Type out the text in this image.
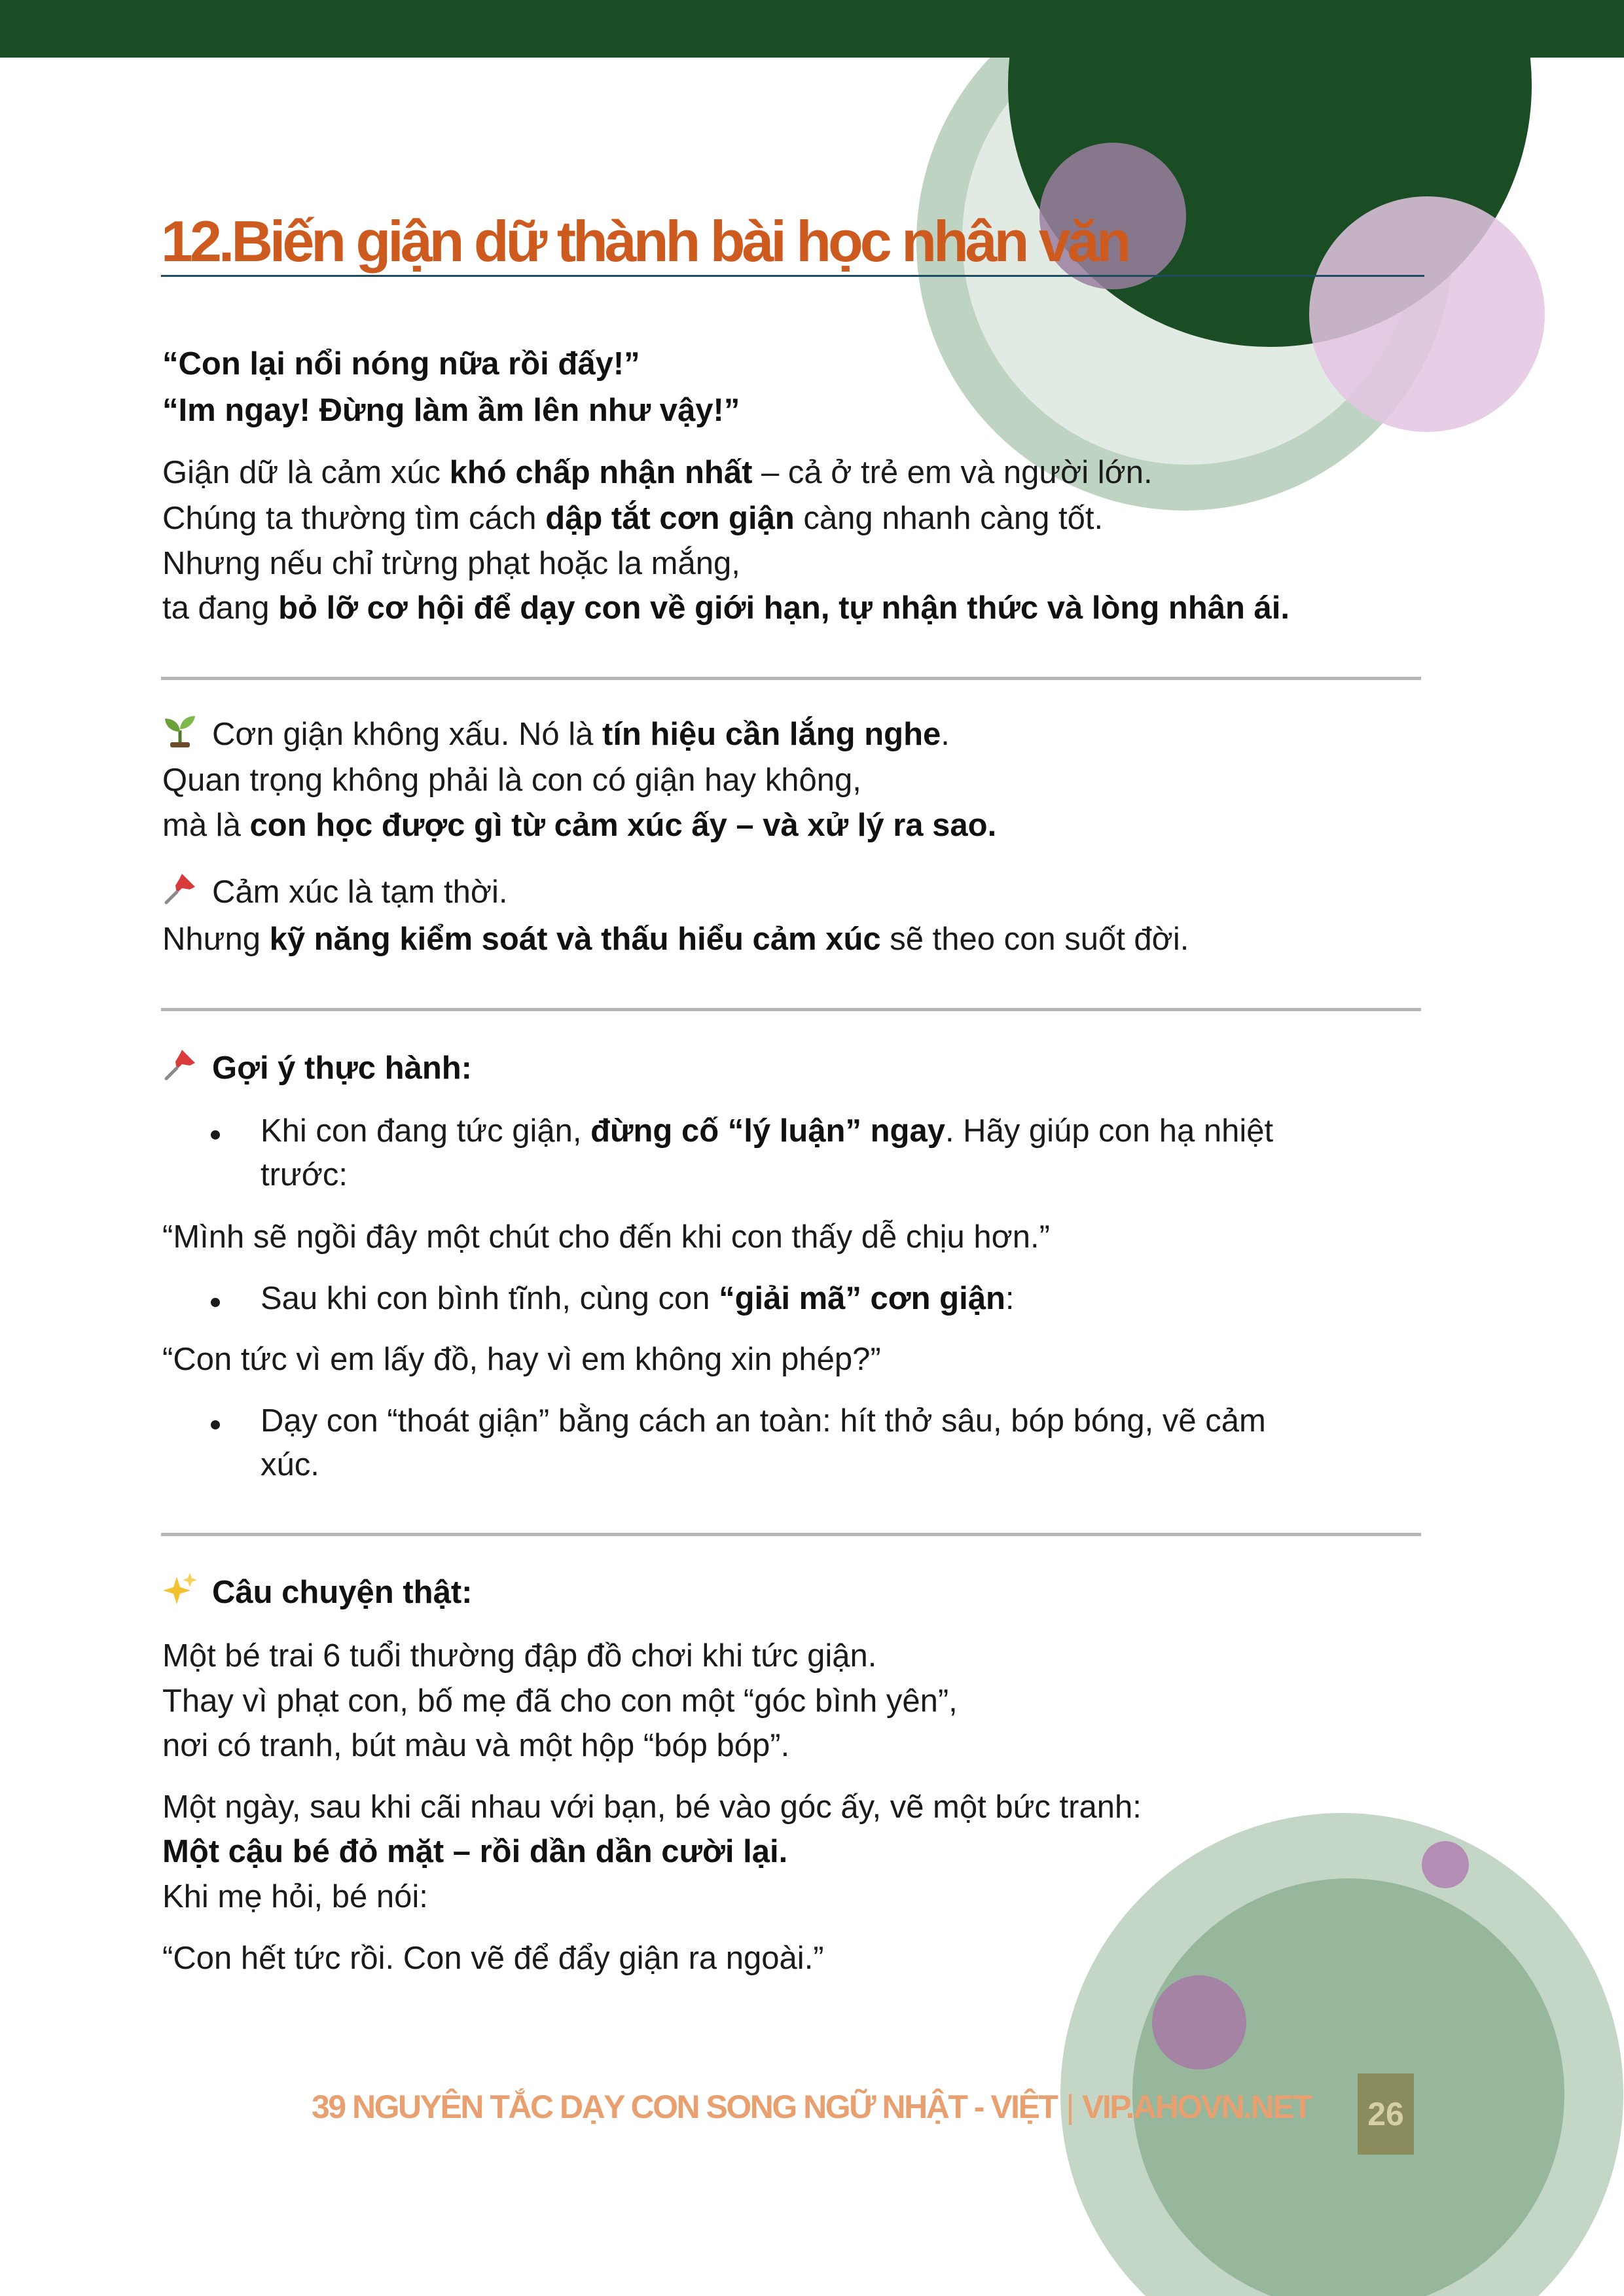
12.Biến giận dữ thành bài học nhân văn

“Con lại nổi nóng nữa rồi đấy!”

“Im ngay! Đừng làm ầm lên như vậy!”

Giận dữ là cảm xúc khó chấp nhận nhất – cả ở trẻ em và người lớn.

Chúng ta thường tìm cách dập tắt cơn giận càng nhanh càng tốt.

Nhưng nếu chỉ trừng phạt hoặc la mắng,

ta đang bỏ lỡ cơ hội để dạy con về giới hạn, tự nhận thức và lòng nhân ái.

Cơn giận không xấu. Nó là tín hiệu cần lắng nghe.

Quan trọng không phải là con có giận hay không,

mà là con học được gì từ cảm xúc ấy – và xử lý ra sao.

Cảm xúc là tạm thời.

Nhưng kỹ năng kiểm soát và thấu hiểu cảm xúc sẽ theo con suốt đời.

Gợi ý thực hành:

Khi con đang tức giận, đừng cố “lý luận” ngay. Hãy giúp con hạ nhiệt

trước:

“Mình sẽ ngồi đây một chút cho đến khi con thấy dễ chịu hơn.”

Sau khi con bình tĩnh, cùng con “giải mã” cơn giận:

“Con tức vì em lấy đồ, hay vì em không xin phép?”

Dạy con “thoát giận” bằng cách an toàn: hít thở sâu, bóp bóng, vẽ cảm

xúc.

Câu chuyện thật:

Một bé trai 6 tuổi thường đập đồ chơi khi tức giận.

Thay vì phạt con, bố mẹ đã cho con một “góc bình yên”,

nơi có tranh, bút màu và một hộp “bóp bóp”.

Một ngày, sau khi cãi nhau với bạn, bé vào góc ấy, vẽ một bức tranh:

Một cậu bé đỏ mặt – rồi dần dần cười lại.

Khi mẹ hỏi, bé nói:

“Con hết tức rồi. Con vẽ để đẩy giận ra ngoài.”

39 NGUYÊN TẮC DẠY CON SONG NGỮ NHẬT - VIỆT | VIP.AHOVN.NET 26
